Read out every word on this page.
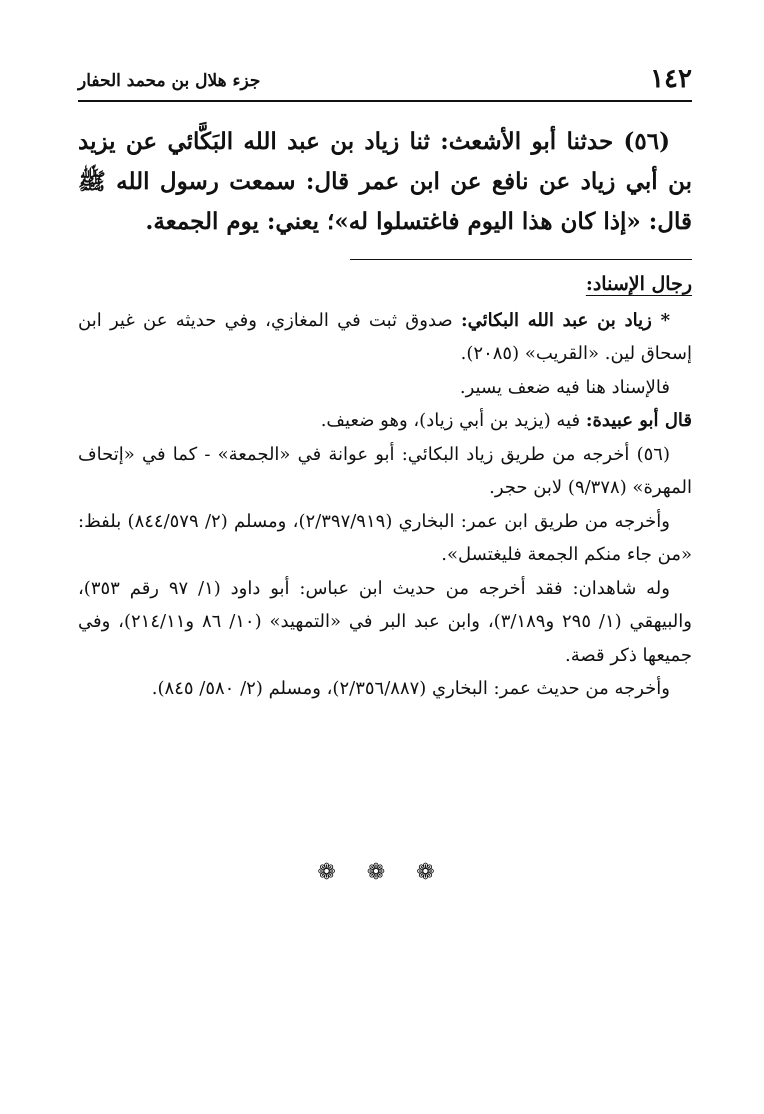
١٤٢
جزء هلال بن محمد الحفار

(٥٦) حدثنا أبو الأشعث: ثنا زياد بن عبد الله البَكَّائي عن يزيد بن أبي زياد عن نافع عن ابن عمر قال: سمعت رسول الله ﷺ قال: «إذا كان هذا اليوم فاغتسلوا له»؛ يعني: يوم الجمعة.

رجال الإسناد:

* زياد بن عبد الله البكائي: صدوق ثبت في المغازي، وفي حديثه عن غير ابن إسحاق لين. «القريب» (٢٠٨٥).

فالإسناد هنا فيه ضعف يسير.

قال أبو عبيدة: فيه (يزيد بن أبي زياد)، وهو ضعيف.

(٥٦) أخرجه من طريق زياد البكائي: أبو عوانة في «الجمعة» - كما في «إتحاف المهرة» (٩/٣٧٨) لابن حجر.

وأخرجه من طريق ابن عمر: البخاري (٢/٣٩٧/٩١٩)، ومسلم (٢/ ٨٤٤/٥٧٩) بلفظ: «من جاء منكم الجمعة فليغتسل».

وله شاهدان: فقد أخرجه من حديث ابن عباس: أبو داود (١/ ٩٧ رقم ٣٥٣)، والبيهقي (١/ ٢٩٥ و٣/١٨٩)، وابن عبد البر في «التمهيد» (١٠/ ٨٦ و٢١٤/١١)، وفي جميعها ذكر قصة.

وأخرجه من حديث عمر: البخاري (٢/٣٥٦/٨٨٧)، ومسلم (٢/ ٥٨٠/ ٨٤٥).

❁ ❁ ❁
